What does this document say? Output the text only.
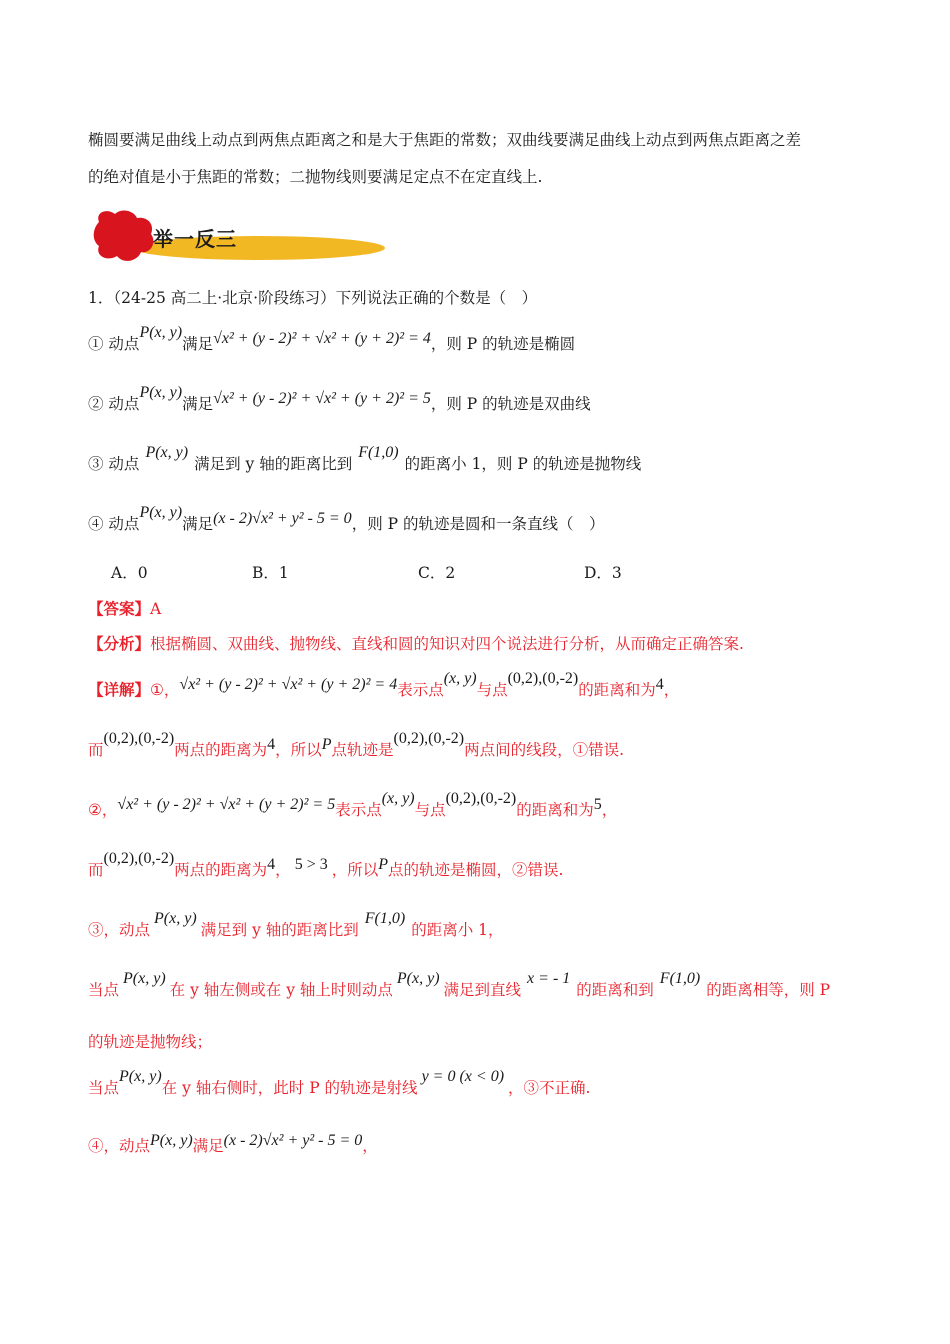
椭圆要满足曲线上动点到两焦点距离之和是大于焦距的常数；双曲线要满足曲线上动点到两焦点距离之差
的绝对值是小于焦距的常数；二抛物线则要满足定点不在定直线上.
举一反三
1．（24-25 高二上·北京·阶段练习）下列说法正确的个数是（　）
① 动点P(x, y)满足√x² + (y - 2)² + √x² + (y + 2)² = 4，则 P 的轨迹是椭圆
② 动点P(x, y)满足√x² + (y - 2)² + √x² + (y + 2)² = 5，则 P 的轨迹是双曲线
③ 动点P(x, y)满足到 y 轴的距离比到F(1,0)的距离小 1，则 P 的轨迹是抛物线
④ 动点P(x, y)满足(x - 2)√x² + y² - 5 = 0，则 P 的轨迹是圆和一条直线（　）
A．0	B．1	C．2	D．3
【答案】A
【分析】根据椭圆、双曲线、抛物线、直线和圆的知识对四个说法进行分析，从而确定正确答案.
【详解】①，√x² + (y - 2)² + √x² + (y + 2)² = 4表示点(x, y)与点(0,2),(0,-2)的距离和为4，
而(0,2),(0,-2)两点的距离为4，所以P点轨迹是(0,2),(0,-2)两点间的线段，①错误.
②，√x² + (y - 2)² + √x² + (y + 2)² = 5表示点(x, y)与点(0,2),(0,-2)的距离和为5，
而(0,2),(0,-2)两点的距离为4， 5 > 3 ，所以P点的轨迹是椭圆，②错误.
③，动点P(x, y)满足到 y 轴的距离比到F(1,0)的距离小 1，
当点P(x, y)在 y 轴左侧或在 y 轴上时则动点P(x, y)满足到直线x = - 1的距离和到F(1,0)的距离相等，则 P
的轨迹是抛物线；
当点P(x, y)在 y 轴右侧时，此时 P 的轨迹是射线y = 0 (x < 0)，③不正确.
④，动点P(x, y)满足(x - 2)√x² + y² - 5 = 0，
